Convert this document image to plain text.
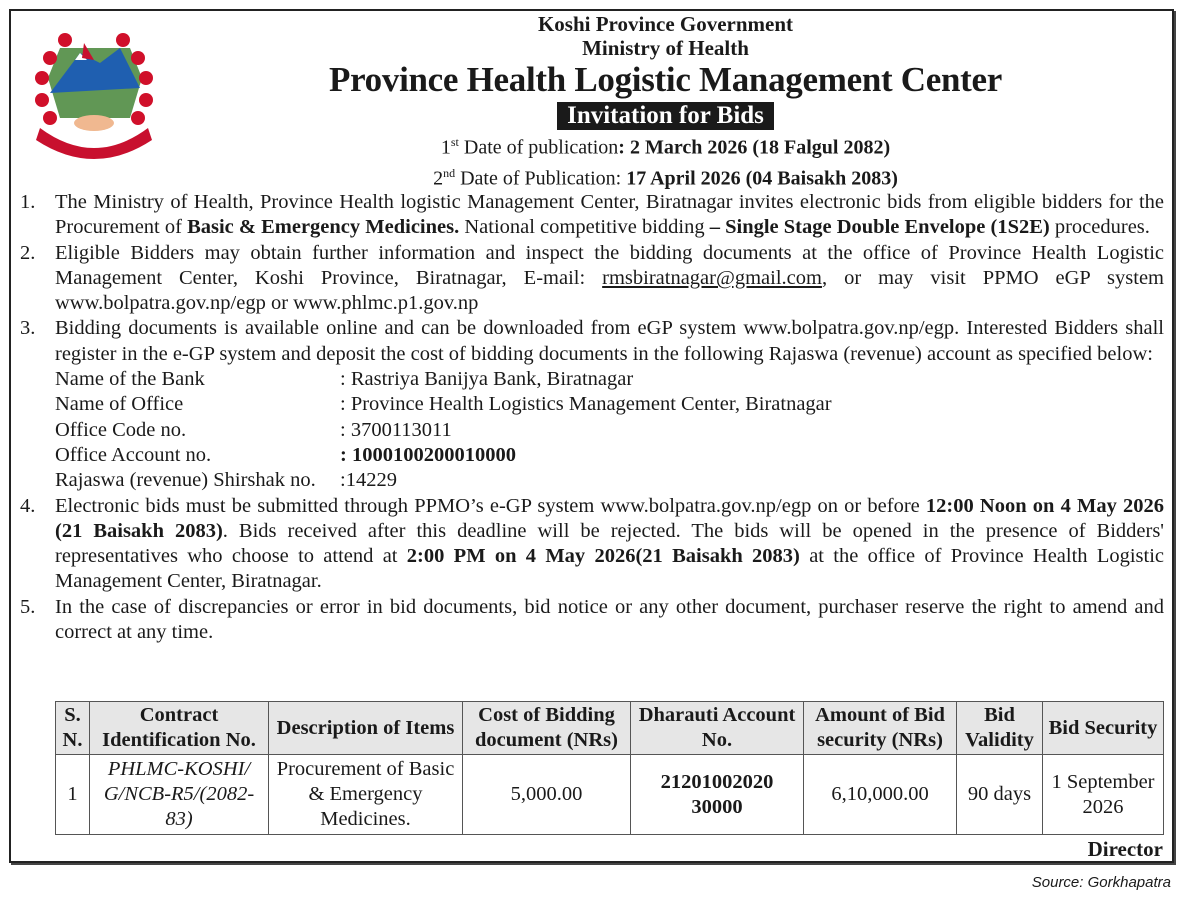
Koshi Province Government
Ministry of Health
Province Health Logistic Management Center
Invitation for Bids
1st Date of publication: 2 March 2026 (18 Falgul 2082)
2nd Date of Publication: 17 April 2026 (04 Baisakh 2083)
1. The Ministry of Health, Province Health logistic Management Center, Biratnagar invites electronic bids from eligible bidders for the Procurement of Basic & Emergency Medicines. National competitive bidding – Single Stage Double Envelope (1S2E) procedures.
2. Eligible Bidders may obtain further information and inspect the bidding documents at the office of Province Health Logistic Management Center, Koshi Province, Biratnagar, E-mail: rmsbiratnagar@gmail.com, or may visit PPMO eGP system www.bolpatra.gov.np/egp or www.phlmc.p1.gov.np
3. Bidding documents is available online and can be downloaded from eGP system www.bolpatra.gov.np/egp. Interested Bidders shall register in the e-GP system and deposit the cost of bidding documents in the following Rajaswa (revenue) account as specified below:
Name of the Bank	: Rastriya Banijya Bank, Biratnagar
Name of Office	: Province Health Logistics Management Center, Biratnagar
Office Code no.	: 3700113011
Office Account no.	: 1000100200010000
Rajaswa (revenue) Shirshak no.	:14229
4. Electronic bids must be submitted through PPMO’s e-GP system www.bolpatra.gov.np/egp on or before 12:00 Noon on 4 May 2026 (21 Baisakh 2083). Bids received after this deadline will be rejected. The bids will be opened in the presence of Bidders' representatives who choose to attend at 2:00 PM on 4 May 2026(21 Baisakh 2083) at the office of Province Health Logistic Management Center, Biratnagar.
5. In the case of discrepancies or error in bid documents, bid notice or any other document, purchaser reserve the right to amend and correct at any time.
S. N.	Contract Identification No.	Description of Items	Cost of Bidding document (NRs)	Dharauti Account No.	Amount of Bid security (NRs)	Bid Validity	Bid Security
1	PHLMC-KOSHI/ G/NCB-R5/(2082-83)	Procurement of Basic & Emergency Medicines.	5,000.00	21201002020 30000	6,10,000.00	90 days	1 September 2026
Director
Source: Gorkhapatra
